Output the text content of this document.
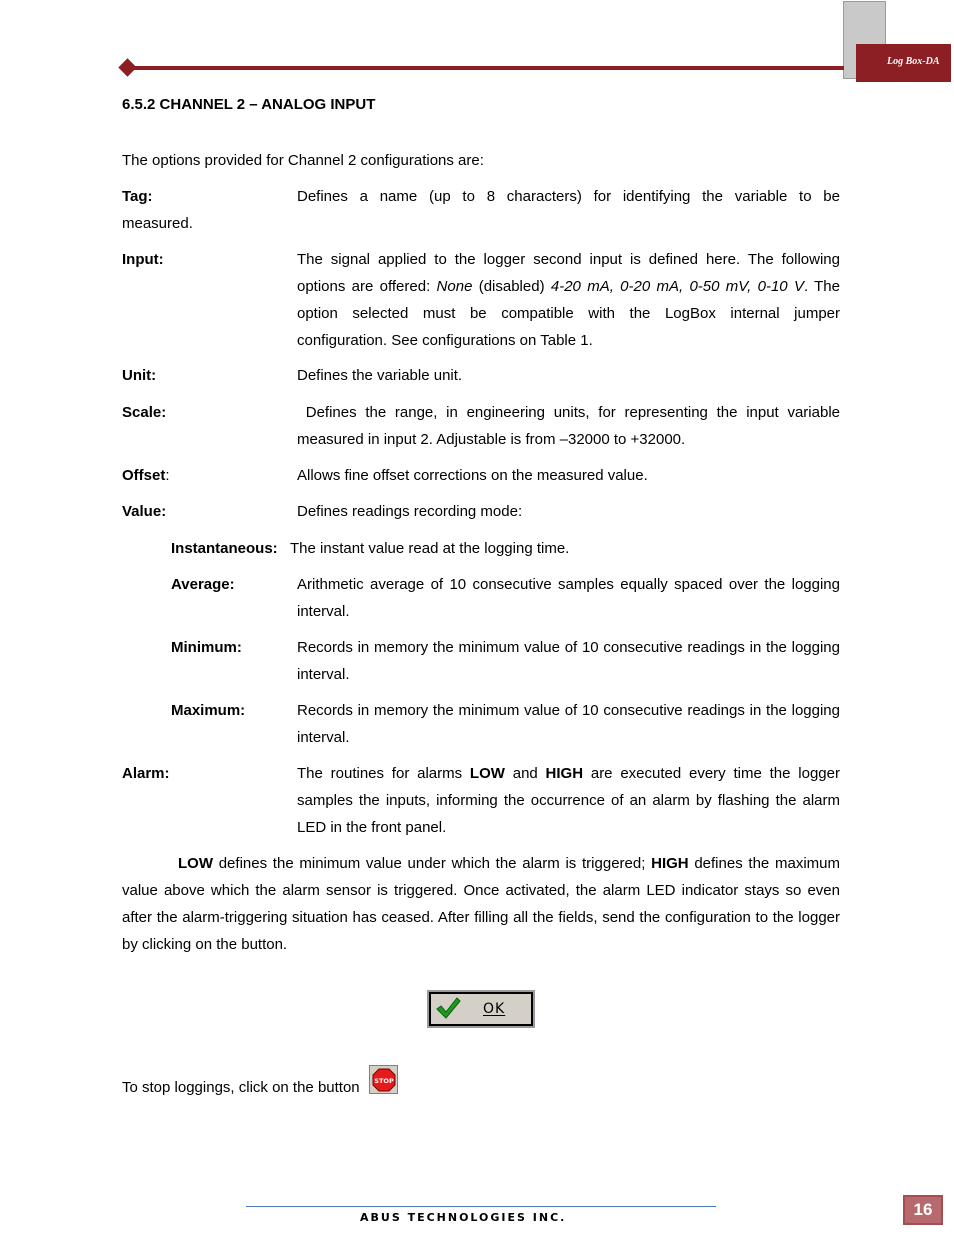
Log Box-DA
6.5.2 CHANNEL 2 – ANALOG INPUT
The options provided for Channel 2 configurations are:
Tag:	Defines a name (up to 8 characters) for identifying the variable to be
measured.
Input:	The signal applied to the logger second input is defined here. The following options are offered: None (disabled) 4-20 mA, 0-20 mA, 0-50 mV, 0-10 V. The option selected must be compatible with the LogBox internal jumper configuration. See configurations on Table 1.
Unit:	Defines the variable unit.
Scale:	Defines the range, in engineering units, for representing the input variable measured in input 2. Adjustable is from –32000 to +32000.
Offset:	Allows fine offset corrections on the measured value.
Value:	Defines readings recording mode:
Instantaneous: The instant value read at the logging time.
Average:	Arithmetic average of 10 consecutive samples equally spaced over the logging interval.
Minimum:	Records in memory the minimum value of 10 consecutive readings in the logging interval.
Maximum:	Records in memory the minimum value of 10 consecutive readings in the logging interval.
Alarm:	The routines for alarms LOW and HIGH are executed every time the logger samples the inputs, informing the occurrence of an alarm by flashing the alarm LED in the front panel.
LOW defines the minimum value under which the alarm is triggered; HIGH defines the maximum value above which the alarm sensor is triggered. Once activated, the alarm LED indicator stays so even after the alarm-triggering situation has ceased. After filling all the fields, send the configuration to the logger by clicking on the button.
OK
To stop loggings, click on the button	STOP
ABUS TECHNOLOGIES INC.	16
